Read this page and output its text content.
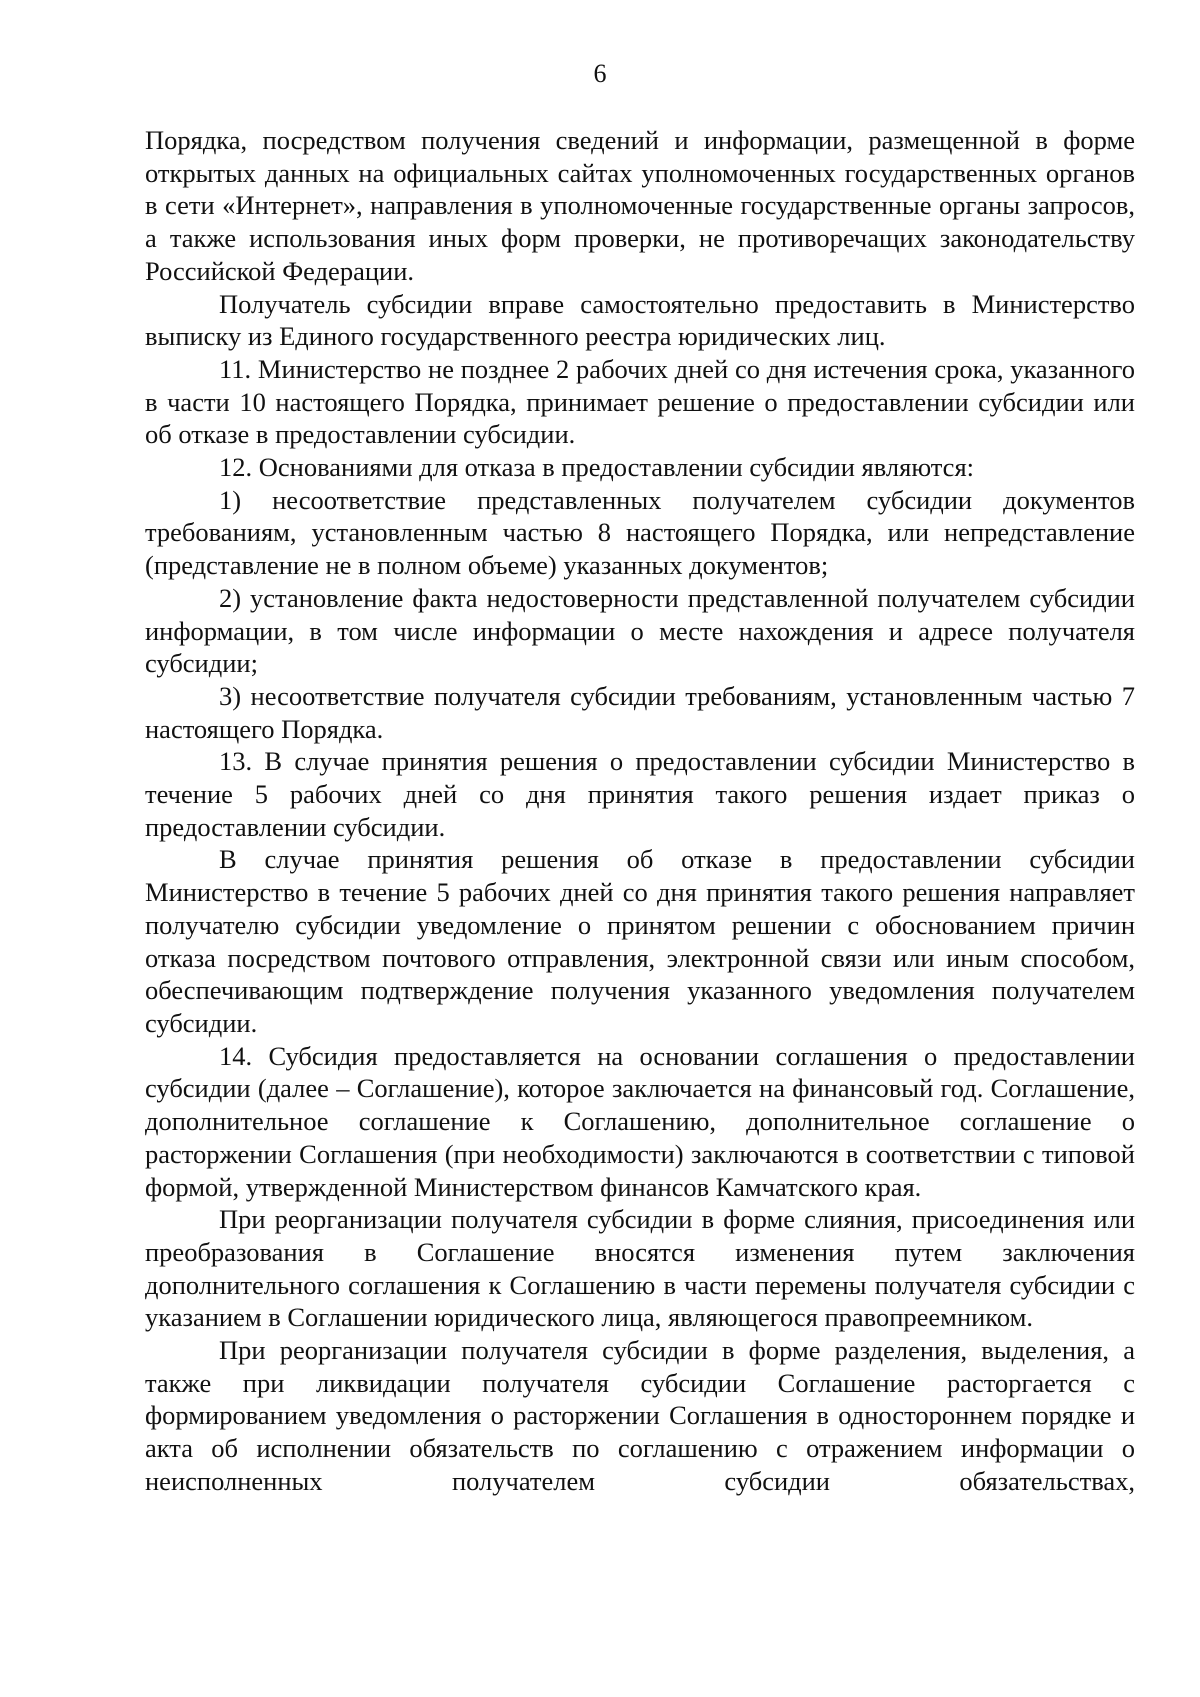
6

Порядка, посредством получения сведений и информации, размещенной в форме открытых данных на официальных сайтах уполномоченных государственных органов в сети «Интернет», направления в уполномоченные государственные органы запросов, а также использования иных форм проверки, не противоречащих законодательству Российской Федерации.

Получатель субсидии вправе самостоятельно предоставить в Министерство выписку из Единого государственного реестра юридических лиц.

11. Министерство не позднее 2 рабочих дней со дня истечения срока, указанного в части 10 настоящего Порядка, принимает решение о предоставлении субсидии или об отказе в предоставлении субсидии.

12. Основаниями для отказа в предоставлении субсидии являются:

1) несоответствие представленных получателем субсидии документов требованиям, установленным частью 8 настоящего Порядка, или непредставление (представление не в полном объеме) указанных документов;

2) установление факта недостоверности представленной получателем субсидии информации, в том числе информации о месте нахождения и адресе получателя субсидии;

3) несоответствие получателя субсидии требованиям, установленным частью 7 настоящего Порядка.

13. В случае принятия решения о предоставлении субсидии Министерство в течение 5 рабочих дней со дня принятия такого решения издает приказ о предоставлении субсидии.

В случае принятия решения об отказе в предоставлении субсидии Министерство в течение 5 рабочих дней со дня принятия такого решения направляет получателю субсидии уведомление о принятом решении с обоснованием причин отказа посредством почтового отправления, электронной связи или иным способом, обеспечивающим подтверждение получения указанного уведомления получателем субсидии.

14. Субсидия предоставляется на основании соглашения о предоставлении субсидии (далее – Соглашение), которое заключается на финансовый год. Соглашение, дополнительное соглашение к Соглашению, дополнительное соглашение о расторжении Соглашения (при необходимости) заключаются в соответствии с типовой формой, утвержденной Министерством финансов Камчатского края.

При реорганизации получателя субсидии в форме слияния, присоединения или преобразования в Соглашение вносятся изменения путем заключения дополнительного соглашения к Соглашению в части перемены получателя субсидии с указанием в Соглашении юридического лица, являющегося правопреемником.

При реорганизации получателя субсидии в форме разделения, выделения, а также при ликвидации получателя субсидии Соглашение расторгается с формированием уведомления о расторжении Соглашения в одностороннем порядке и акта об исполнении обязательств по соглашению с отражением информации о неисполненных получателем субсидии обязательствах,
